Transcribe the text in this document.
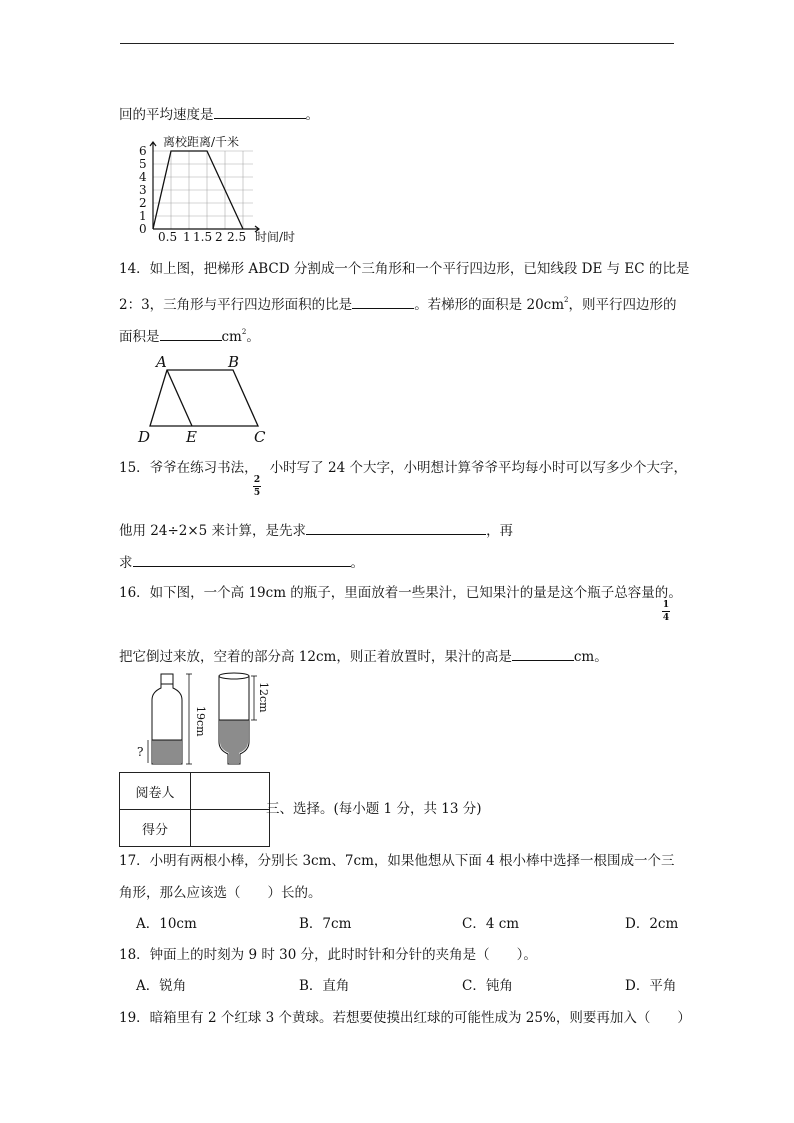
回的平均速度是	。
离校距离/千米
时间/时
0
1
2
3
4
5
6
0.5 1 1.5 2 2.5
14．如上图，把梯形 ABCD 分割成一个三角形和一个平行四边形，已知线段 DE 与 EC 的比是
2：3，三角形与平行四边形面积的比是	。若梯形的面积是 $20cm^2$，则平行四边形的
面积是	$cm^2$。
A	B
C
D E
15．爷爷在练习书法， 小时写了 24 个大字，小明想计算爷爷平均每小时可以写多少个大字，
2
5
他用 24÷2×5 来计算，是先求	，再
求	。
16．如下图，一个高 19cm 的瓶子，里面放着一些果汁，已知果汁的量是这个瓶子总容量的。
1
4
把它倒过来放，空着的部分高 12cm，则正着放置时，果汁的高是	cm。
19cm
?
12cm
阅卷人	
得分	
三、选择。(每小题 1 分，共 13 分)
17．小明有两根小棒，分别长 3cm、7cm，如果他想从下面 4 根小棒中选择一根围成一个三
角形，那么应该选（　　）长的。
A．10cm	B．7cm	C．4 cm	D．2cm
18．钟面上的时刻为 9 时 30 分，此时时针和分针的夹角是（　　）。
A．锐角	B．直角	C．钝角	D．平角
19．暗箱里有 2 个红球 3 个黄球。若想要使摸出红球的可能性成为 25%，则要再加入（　　）
